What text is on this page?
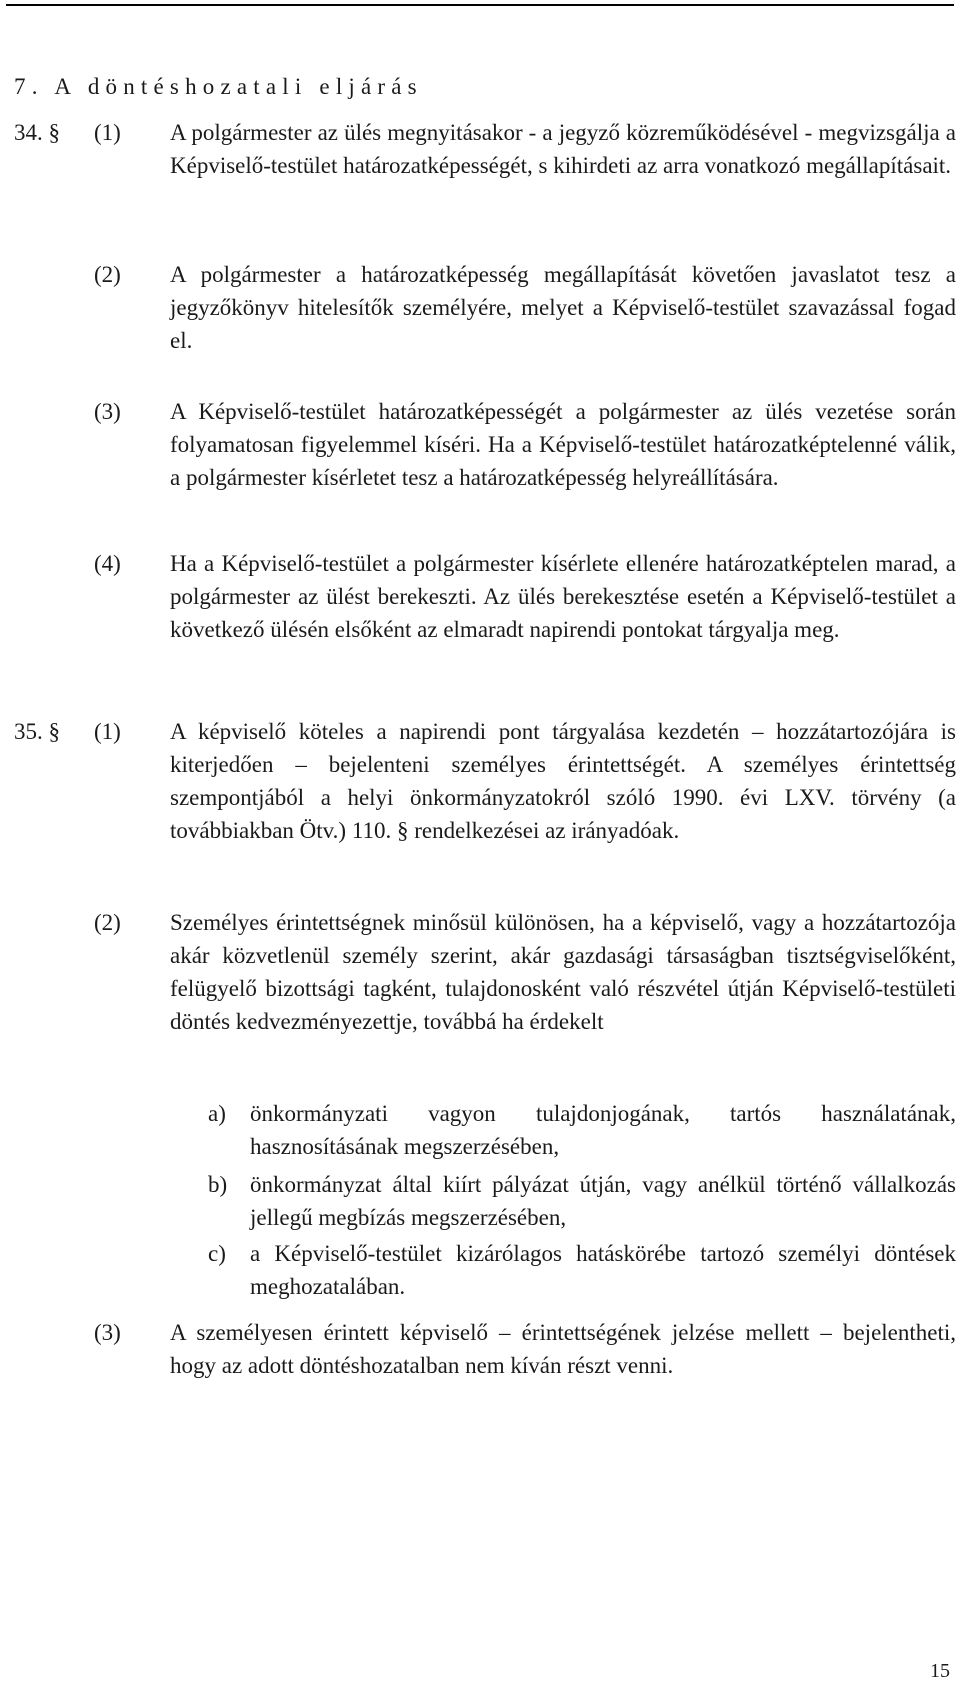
7. A döntéshozatali eljárás
34. § (1) A polgármester az ülés megnyitásakor - a jegyző közreműködésével - megvizsgálja a Képviselő-testület határozatképességét, s kihirdeti az arra vonatkozó megállapításait.
(2) A polgármester a határozatképesség megállapítását követően javaslatot tesz a jegyzőkönyv hitelesítők személyére, melyet a Képviselő-testület szavazással fogad el.
(3) A Képviselő-testület határozatképességét a polgármester az ülés vezetése során folyamatosan figyelemmel kíséri. Ha a Képviselő-testület határozatképtelenné válik, a polgármester kísérletet tesz a határozatképesség helyreállítására.
(4) Ha a Képviselő-testület a polgármester kísérlete ellenére határozatképtelen marad, a polgármester az ülést berekeszti. Az ülés berekesztése esetén a Képviselő-testület a következő ülésén elsőként az elmaradt napirendi pontokat tárgyalja meg.
35. § (1) A képviselő köteles a napirendi pont tárgyalása kezdetén – hozzátartozójára is kiterjedően – bejelenteni személyes érintettségét. A személyes érintettség szempontjából a helyi önkormányzatokról szóló 1990. évi LXV. törvény (a továbbiakban Ötv.) 110. § rendelkezései az irányadóak.
(2) Személyes érintettségnek minősül különösen, ha a képviselő, vagy a hozzátartozója akár közvetlenül személy szerint, akár gazdasági társaságban tisztségviselőként, felügyelő bizottsági tagként, tulajdonosként való részvétel útján Képviselő-testületi döntés kedvezményezettje, továbbá ha érdekelt
a) önkormányzati vagyon tulajdonjogának, tartós használatának, hasznosításának megszerzésében,
b) önkormányzat által kiírt pályázat útján, vagy anélkül történő vállalkozás jellegű megbízás megszerzésében,
c) a Képviselő-testület kizárólagos hatáskörébe tartozó személyi döntések meghozatalában.
(3) A személyesen érintett képviselő – érintettségének jelzése mellett – bejelentheti, hogy az adott döntéshozatalban nem kíván részt venni.
15
